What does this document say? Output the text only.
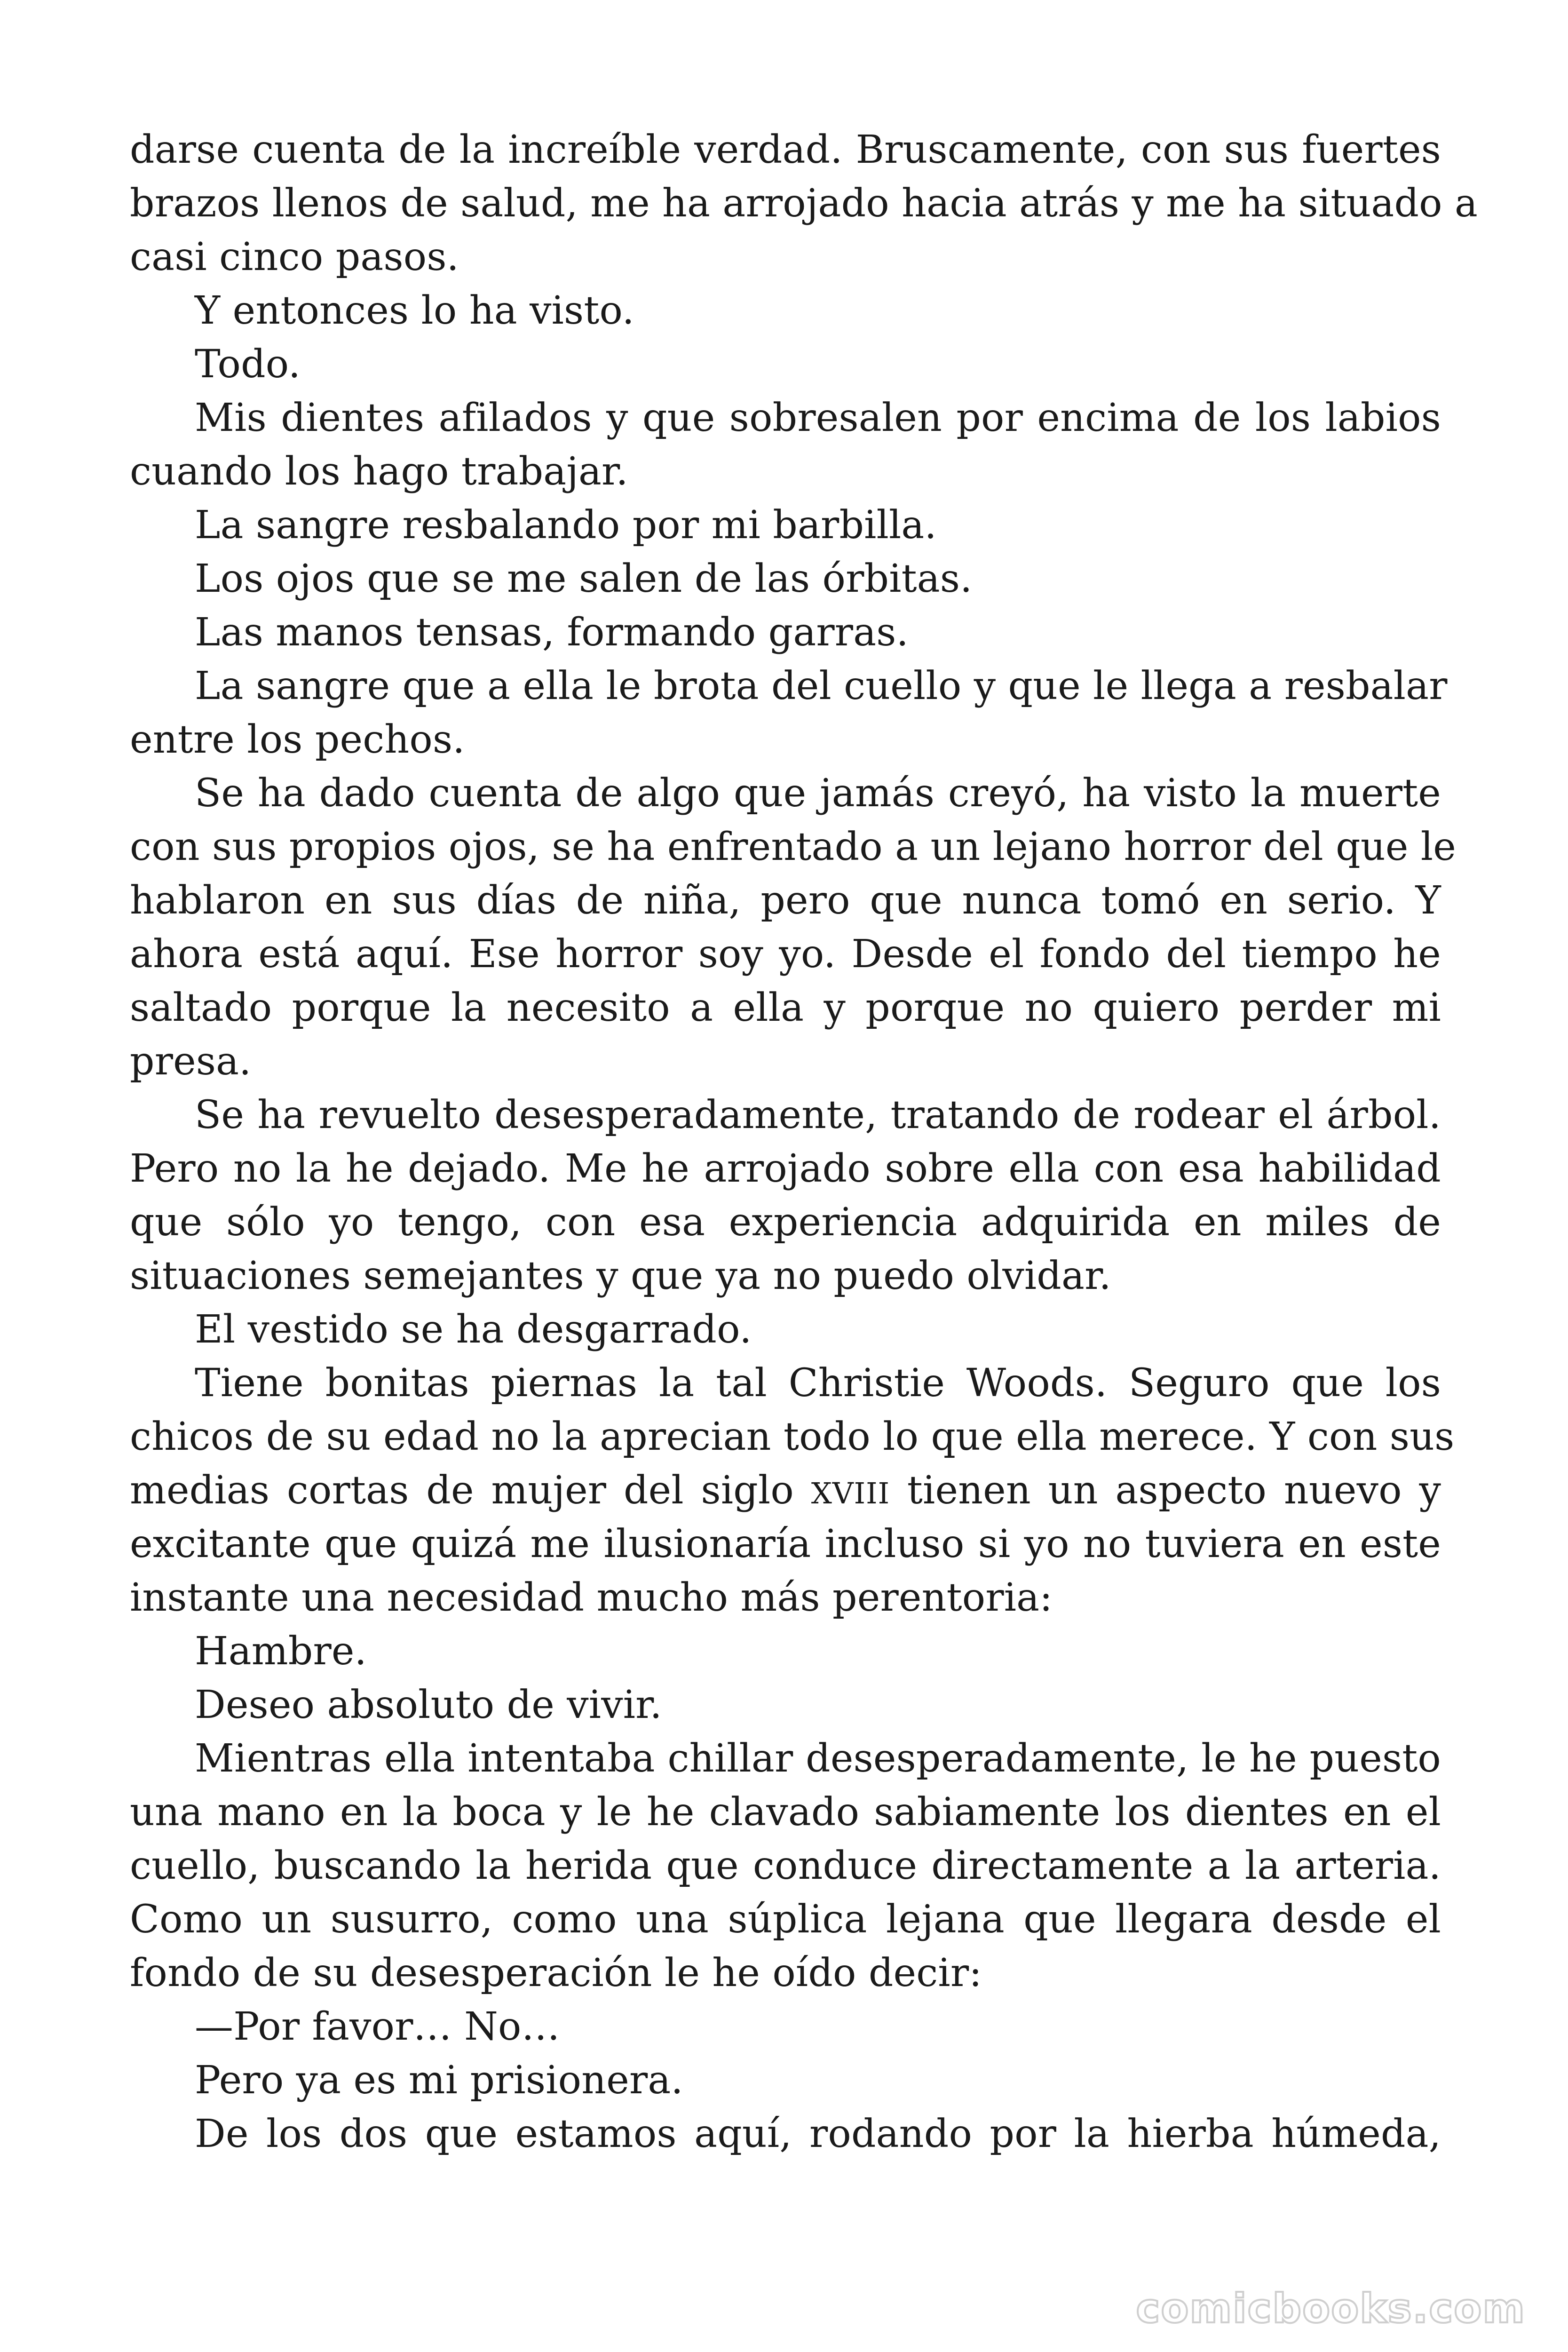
darse cuenta de la increíble verdad. Bruscamente, con sus fuertes
brazos llenos de salud, me ha arrojado hacia atrás y me ha situado a
casi cinco pasos.
Y entonces lo ha visto.
Todo.
Mis dientes afilados y que sobresalen por encima de los labios
cuando los hago trabajar.
La sangre resbalando por mi barbilla.
Los ojos que se me salen de las órbitas.
Las manos tensas, formando garras.
La sangre que a ella le brota del cuello y que le llega a resbalar
entre los pechos.
Se ha dado cuenta de algo que jamás creyó, ha visto la muerte
con sus propios ojos, se ha enfrentado a un lejano horror del que le
hablaron en sus días de niña, pero que nunca tomó en serio. Y
ahora está aquí. Ese horror soy yo. Desde el fondo del tiempo he
saltado porque la necesito a ella y porque no quiero perder mi
presa.
Se ha revuelto desesperadamente, tratando de rodear el árbol.
Pero no la he dejado. Me he arrojado sobre ella con esa habilidad
que sólo yo tengo, con esa experiencia adquirida en miles de
situaciones semejantes y que ya no puedo olvidar.
El vestido se ha desgarrado.
Tiene bonitas piernas la tal Christie Woods. Seguro que los
chicos de su edad no la aprecian todo lo que ella merece. Y con sus
medias cortas de mujer del siglo XVIII tienen un aspecto nuevo y
excitante que quizá me ilusionaría incluso si yo no tuviera en este
instante una necesidad mucho más perentoria:
Hambre.
Deseo absoluto de vivir.
Mientras ella intentaba chillar desesperadamente, le he puesto
una mano en la boca y le he clavado sabiamente los dientes en el
cuello, buscando la herida que conduce directamente a la arteria.
Como un susurro, como una súplica lejana que llegara desde el
fondo de su desesperación le he oído decir:
—Por favor… No…
Pero ya es mi prisionera.
De los dos que estamos aquí, rodando por la hierba húmeda,
comicbooks.com
